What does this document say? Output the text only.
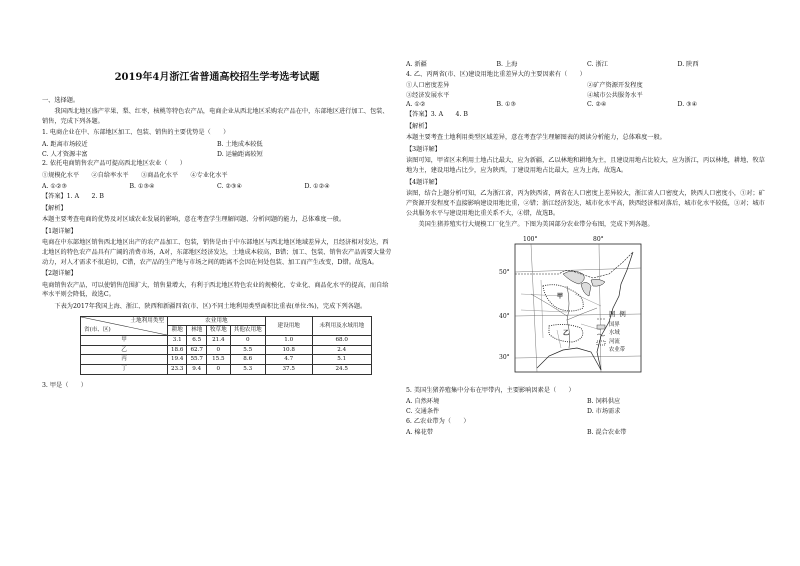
2019年4月浙江省普通高校招生学考选考试题

一、选择题。

我国西北地区盛产苹果、梨、红枣，核桃等特色农产品，电商企业从西北地区采购农产品在中，东部地区进行加工、包装、销售，完成下列各题。

1. 电商企业在中、东部地区加工、包装、销售的主要优势是（　　）

A. 距离市场较近	B. 土地成本较低
C. 人才资源丰富	D. 运输距离较短

2. 依托电商销售农产品可提高西北地区农业（　　）

①规模化水平　　②自给率水平　　③商品化水平　　④专业化水平

A. ①②③	B. ①③④	C. ②③④	D. ①②④

【答案】1. A　　2. B

【解析】

本题主要考查电商的优势及对区域农业发展的影响，意在考查学生理解问题、分析问题的能力，总体难度一般。

【1题详解】

电商在中东部地区销售西北地区出产的农产品加工、包装，销售是由于中东部地区与西北地区地域差异大，且经济相对发达，西北地区的特色农产品具有广阔的消费市场，A对，东部地区经济发达，土地成本较高，B错；加工、包装、销售农产品需要大量劳动力，对人才需求不很迫切，C错，农产品的生产地与市场之间的距离不会因在何处包装、加工而产生改变，D错。故选A。

【2题详解】

电商销售农产品，可以使销售范围扩大，销售量增大，有利于西北地区特色农业的规模化、专业化、商品化水平的提高，而自给率水平则会降低，故选C。

下表为2017年我国上海、浙江、陕西和新疆四省(市、区)不同土地利用类型面积比重表(单位:%)，完成下列各题。

土地利用类型
省(市、区)	农业用地				建设用地	未利用及水域用地
	耕地	林地	牧草地	其他农用地		
甲	3.1	6.5	21.4	0	1.0	68.0
乙	18.6	62.7	0	5.5	10.8	2.4
丙	19.4	55.7	15.5	8.6	4.7	5.1
丁	23.3	9.4	0	5.3	37.5	24.5

3. 甲是（　　）

A. 新疆	B. 上海	C. 浙江	D. 陕西

4. 乙、丙两省(市、区)建设用地比重差异大的主要因素有（　　）

①人口密度差异	②矿产资源开发程度
③经济发展水平	④城市公共服务水平
A. ①②	B. ①③	C. ②④	D. ③④

【答案】3. A　　4. B

【解析】

本题主要考查土地利用类型区域差异，意在考查学生理解图表的阅读分析能力，总体难度一般。

【3题详解】

读图可知，甲省区未利用土地占比最大，应为新疆，乙以林地和耕地为主，且建设用地占比较大，应为浙江，丙以林地，耕地、牧草地为主，建设用地占比少，应为陕西，丁建设用地占比最大，应为上海，故选A。

【4题详解】

读图，结合上题分析可知，乙为浙江省，丙为陕西省，两省在人口密度上差异较大，浙江省人口密度大，陕西人口密度小，①对；矿产资源开发程度不直接影响建设用地比重，②错；浙江经济发达，城市化水平高，陕西经济相对落后，城市化水平较低，③对；城市公共服务水平与建设用地比重关系不大，④错，故选B。

美国生猪养殖实行大规模工厂化生产。下图为美国部分农业带分布图，完成下列各题。

100°	80°
50°
40°
30°
甲
乙
图例
国界
水域
河流
农业带

5. 美国生猪养殖集中分布在甲带内，主要影响因素是（　　）

A. 自然环境	B. 饲料供应
C. 交通条件	D. 市场需求

6. 乙农业带为（　　）

A. 棉花带	B. 混合农业带
